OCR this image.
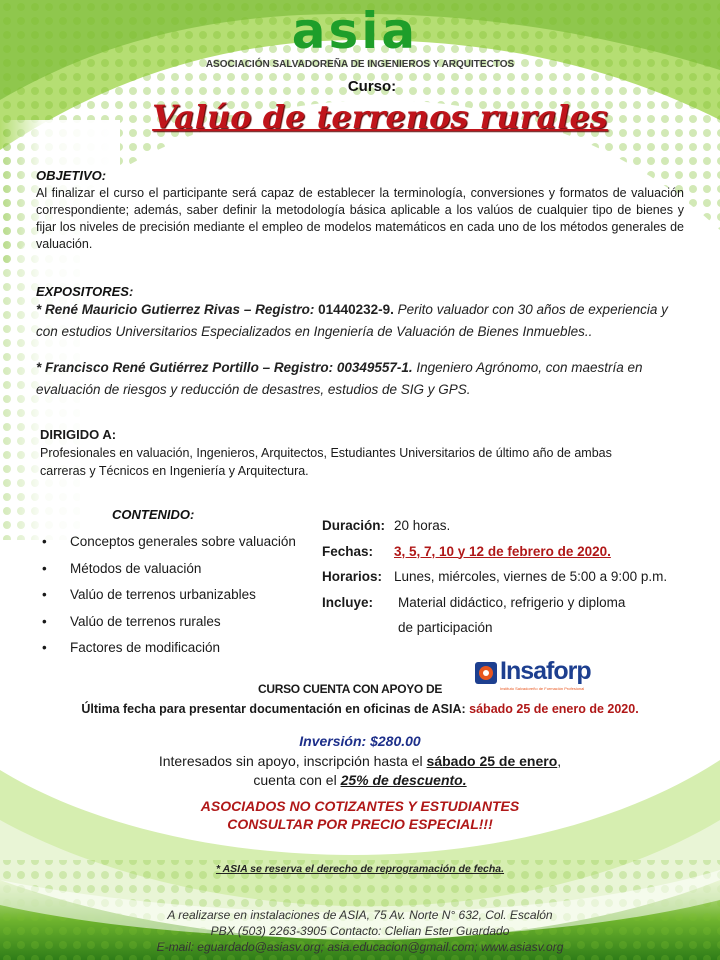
asia
ASOCIACIÓN SALVADOREÑA DE INGENIEROS Y ARQUITECTOS
Curso:
Valúo de terrenos rurales
OBJETIVO:
Al finalizar el curso el participante será capaz de establecer la terminología, conversiones y formatos de valuación correspondiente; además, saber definir la metodología básica aplicable a los valúos de cualquier tipo de bienes y fijar los niveles de precisión mediante el empleo de modelos matemáticos en cada uno de los métodos generales de valuación.
EXPOSITORES:
* René Mauricio Gutierrez Rivas – Registro: 01440232-9. Perito valuador con 30 años de experiencia y con estudios Universitarios Especializados en Ingeniería de Valuación de Bienes Inmuebles..
* Francisco René Gutiérrez Portillo – Registro: 00349557-1. Ingeniero Agrónomo, con maestría en evaluación de riesgos y reducción de desastres, estudios de SIG y GPS.
DIRIGIDO A:
Profesionales en valuación, Ingenieros, Arquitectos, Estudiantes Universitarios de último año de ambas carreras y Técnicos en Ingeniería y Arquitectura.
CONTENIDO:
• Conceptos generales sobre valuación
• Métodos de valuación
• Valúo de terrenos urbanizables
• Valúo de terrenos rurales
• Factores de modificación
Duración: 20 horas.
Fechas: 3, 5, 7, 10 y 12 de febrero de 2020.
Horarios: Lunes, miércoles, viernes de 5:00 a 9:00 p.m.
Incluye: Material didáctico, refrigerio y diploma
de participación
CURSO CUENTA CON APOYO DE
Insaforp
Instituto Salvadoreño de Formación Profesional
Última fecha para presentar documentación en oficinas de ASIA: sábado 25 de enero de 2020.
Inversión: $280.00
Interesados sin apoyo, inscripción hasta el sábado 25 de enero,
cuenta con el 25% de descuento.
ASOCIADOS NO COTIZANTES Y ESTUDIANTES
CONSULTAR POR PRECIO ESPECIAL!!!
* ASIA se reserva el derecho de reprogramación de fecha.
A realizarse en instalaciones de ASIA, 75 Av. Norte N° 632, Col. Escalón
PBX (503) 2263-3905 Contacto: Clelian Ester Guardado
E-mail: eguardado@asiasv.org; asia.educacion@gmail.com; www.asiasv.org
